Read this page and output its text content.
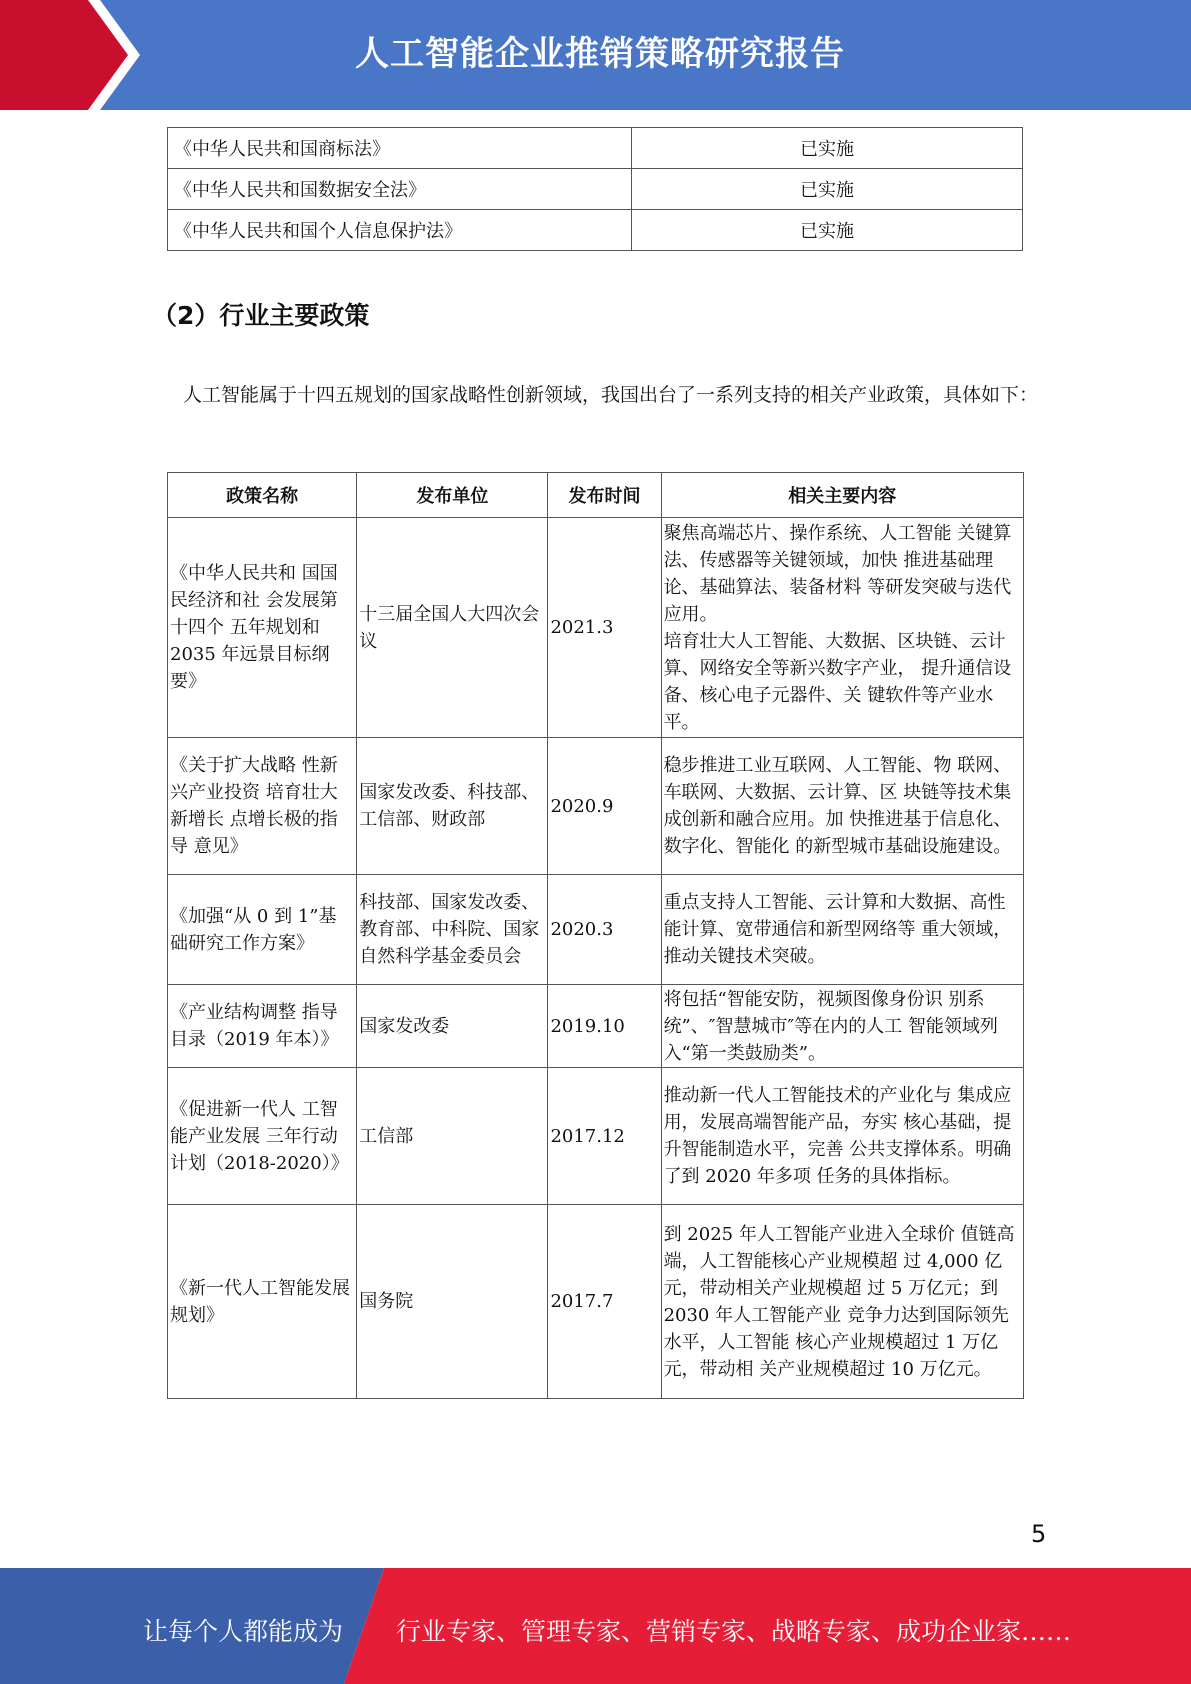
人工智能企业推销策略研究报告
《中华人民共和国商标法》	已实施
《中华人民共和国数据安全法》	已实施
《中华人民共和国个人信息保护法》	已实施
（2）行业主要政策
人工智能属于十四五规划的国家战略性创新领域，我国出台了一系列支持的相关产业政策，具体如下：
政策名称	发布单位	发布时间	相关主要内容
《中华人民共和 国国民经济和社 会发展第十四个 五年规划和 2035 年远景目标纲要》	十三届全国人大四次会议	2021.3	聚焦高端芯片、操作系统、人工智能 关键算法、传感器等关键领域，加快 推进基础理论、基础算法、装备材料 等研发突破与迭代应用。
培育壮大人工智能、大数据、区块链、云计算、网络安全等新兴数字产业， 提升通信设备、核心电子元器件、关 键软件等产业水平。
《关于扩大战略 性新兴产业投资 培育壮大新增长 点增长极的指导 意见》	国家发改委、科技部、工信部、财政部	2020.9	稳步推进工业互联网、人工智能、物 联网、车联网、大数据、云计算、区 块链等技术集成创新和融合应用。加 快推进基于信息化、数字化、智能化 的新型城市基础设施建设。
《加强“从 0 到 1”基础研究工作方案》	科技部、国家发改委、教育部、中科院、国家自然科学基金委员会	2020.3	重点支持人工智能、云计算和大数据、高性能计算、宽带通信和新型网络等 重大领域，推动关键技术突破。
《产业结构调整 指导目录（2019 年本）》	国家发改委	2019.10	将包括“智能安防，视频图像身份识 别系统”、″智慧城市″等在内的人工 智能领域列入“第一类鼓励类”。
《促进新一代人 工智能产业发展 三年行动计划（2018-2020）》	工信部	2017.12	推动新一代人工智能技术的产业化与 集成应用，发展高端智能产品，夯实 核心基础，提升智能制造水平，完善 公共支撑体系。明确了到 2020 年多项 任务的具体指标。
《新一代人工智能发展规划》	国务院	2017.7	到 2025 年人工智能产业进入全球价 值链高端，人工智能核心产业规模超 过 4,000 亿元，带动相关产业规模超 过 5 万亿元；到 2030 年人工智能产业 竞争力达到国际领先水平，人工智能 核心产业规模超过 1 万亿元，带动相 关产业规模超过 10 万亿元。
5
让每个人都能成为 行业专家、管理专家、营销专家、战略专家、成功企业家……
